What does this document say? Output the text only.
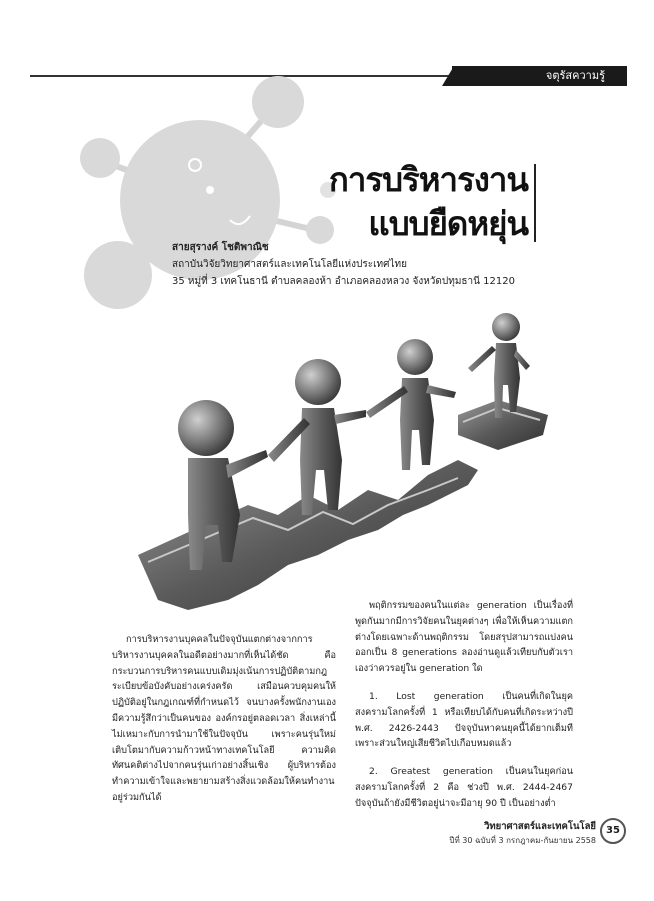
จตุรัสความรู้
การบริหารงาน
แบบยืดหยุ่น
สายสุรางค์ โชติพาณิช
สถาบันวิจัยวิทยาศาสตร์และเทคโนโลยีแห่งประเทศไทย
35 หมู่ที่ 3 เทคโนธานี ตำบลคลองห้า อำเภอคลองหลวง จังหวัดปทุมธานี 12120

การบริหารงานบุคคลในปัจจุบันแตกต่างจากการบริหารงานบุคคลในอดีตอย่างมากที่เห็นได้ชัด คือ กระบวนการบริหารคนแบบเดิมมุ่งเน้นการปฏิบัติตามกฎระเบียบข้อบังคับอย่างเคร่งครัด เสมือนควบคุมคนให้ปฏิบัติอยู่ในกฎเกณฑ์ที่กำหนดไว้ จนบางครั้งพนักงานเอง มีความรู้สึกว่าเป็นคนของ องค์กรอยู่ตลอดเวลา สิ่งเหล่านี้ไม่เหมาะกับการนำมาใช้ในปัจจุบัน เพราะคนรุ่นใหม่เติบโตมากับความก้าวหน้าทางเทคโนโลยี ความคิดทัศนคติต่างไปจากคนรุ่นเก่าอย่างสิ้นเชิง ผู้บริหารต้องทำความเข้าใจและพยายามสร้างสิ่งแวดล้อมให้คนทำงานอยู่ร่วมกันได้

พฤติกรรมของคนในแต่ละ generation เป็นเรื่องที่พูดกันมากมีการวิจัยคนในยุคต่างๆ เพื่อให้เห็นความแตกต่างโดยเฉพาะด้านพฤติกรรม โดยสรุปสามารถแบ่งคนออกเป็น 8 generations ลองอ่านดูแล้วเทียบกับตัวเราเองว่าควรอยู่ใน generation ใด

1. Lost generation เป็นคนที่เกิดในยุคสงครามโลกครั้งที่ 1 หรือเทียบได้กับคนที่เกิดระหว่างปี พ.ศ. 2426-2443 ปัจจุบันหาคนยุคนี้ได้ยากเต็มที เพราะส่วนใหญ่เสียชีวิตไปเกือบหมดแล้ว

2. Greatest generation เป็นคนในยุคก่อนสงครามโลกครั้งที่ 2 คือ ช่วงปี พ.ศ. 2444-2467 ปัจจุบันถ้ายังมีชีวิตอยู่น่าจะมีอายุ 90 ปี เป็นอย่างต่ำ

วิทยาศาสตร์และเทคโนโลยี
ปีที่ 30 ฉบับที่ 3 กรกฎาคม-กันยายน 2558
35
